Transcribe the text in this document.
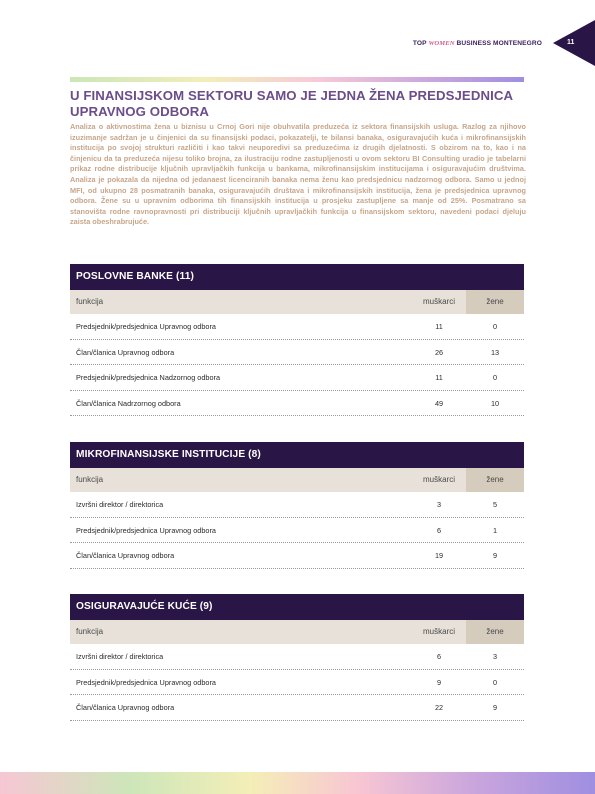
TOP WOMEN BUSINESS MONTENEGRO	11
U FINANSIJSKOM SEKTORU SAMO JE JEDNA ŽENA PREDSJEDNICA UPRAVNOG ODBORA

Analiza o aktivnostima žena u biznisu u Crnoj Gori nije obuhvatila preduzeća iz sektora finansijskih usluga. Razlog za njihovo izuzimanje sadržan je u činjenici da su finansijski podaci, pokazatelji, te bilansi banaka, osiguravajućih kuća i mikrofinansijskih institucija po svojoj strukturi različiti i kao takvi neuporedivi sa preduzećima iz drugih djelatnosti. S obzirom na to, kao i na činjenicu da ta preduzeća nijesu toliko brojna, za ilustraciju rodne zastupljenosti u ovom sektoru BI Consulting uradio je tabelarni prikaz rodne distribucije ključnih upravljačkih funkcija u bankama, mikrofinansijskim institucijama i osiguravajućim društvima. Analiza je pokazala da nijedna od jedanaest licenciranih banaka nema ženu kao predsjednicu nadzornog odbora. Samo u jednoj MFI, od ukupno 28 posmatranih banaka, osiguravajućih društava i mikrofinansijskih institucija, žena je predsjednica upravnog odbora. Žene su u upravnim odborima tih finansijskih institucija u prosjeku zastupljene sa manje od 25%. Posmatrano sa stanovišta rodne ravnopravnosti pri distribuciji ključnih upravljačkih funkcija u finansijskom sektoru, navedeni podaci djeluju zaista obeshrabrujuće.

POSLOVNE BANKE (11)
funkcija	muškarci	žene
Predsjednik/predsjednica Upravnog odbora	11	0
Član/članica Upravnog odbora	26	13
Predsjednik/predsjednica Nadzornog odbora	11	0
Član/članica Nadrzornog odbora	49	10
MIKROFINANSIJSKE INSTITUCIJE (8)
funkcija	muškarci	žene
Izvršni direktor / direktorica	3	5
Predsjednik/predsjednica Upravnog odbora	6	1
Član/članica Upravnog odbora	19	9
OSIGURAVAJUĆE KUĆE (9)
funkcija	muškarci	žene
Izvršni direktor / direktorica	6	3
Predsjednik/predsjednica Upravnog odbora	9	0
Član/članica Upravnog odbora	22	9
